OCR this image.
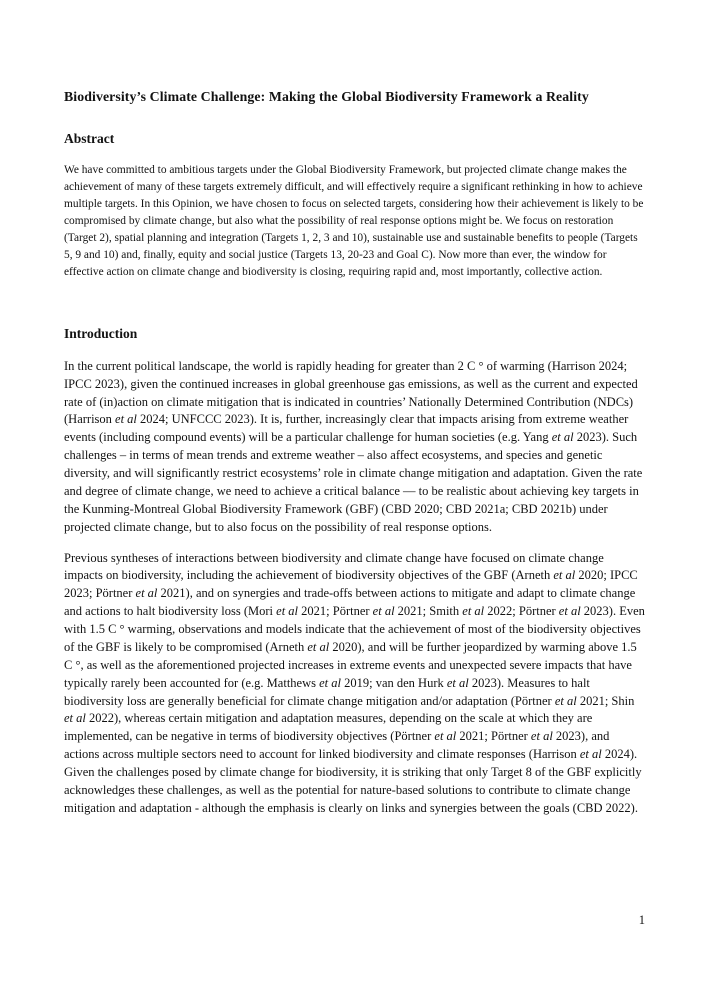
Biodiversity’s Climate Challenge: Making the Global Biodiversity Framework a Reality
Abstract

We have committed to ambitious targets under the Global Biodiversity Framework, but projected climate change makes the achievement of many of these targets extremely difficult, and will effectively require a significant rethinking in how to achieve multiple targets. In this Opinion, we have chosen to focus on selected targets, considering how their achievement is likely to be compromised by climate change, but also what the possibility of real response options might be. We focus on restoration (Target 2), spatial planning and integration (Targets 1, 2, 3 and 10), sustainable use and sustainable benefits to people (Targets 5, 9 and 10) and, finally, equity and social justice (Targets 13, 20-23 and Goal C). Now more than ever, the window for effective action on climate change and biodiversity is closing, requiring rapid and, most importantly, collective action.

Introduction

In the current political landscape, the world is rapidly heading for greater than 2 C ° of warming (Harrison 2024; IPCC 2023), given the continued increases in global greenhouse gas emissions, as well as the current and expected rate of (in)action on climate mitigation that is indicated in countries’ Nationally Determined Contribution (NDCs) (Harrison et al 2024; UNFCCC 2023). It is, further, increasingly clear that impacts arising from extreme weather events (including compound events) will be a particular challenge for human societies (e.g. Yang et al 2023). Such challenges – in terms of mean trends and extreme weather – also affect ecosystems, and species and genetic diversity, and will significantly restrict ecosystems’ role in climate change mitigation and adaptation. Given the rate and degree of climate change, we need to achieve a critical balance — to be realistic about achieving key targets in the Kunming-Montreal Global Biodiversity Framework (GBF) (CBD 2020; CBD 2021a; CBD 2021b) under projected climate change, but to also focus on the possibility of real response options.

Previous syntheses of interactions between biodiversity and climate change have focused on climate change impacts on biodiversity, including the achievement of biodiversity objectives of the GBF (Arneth et al 2020; IPCC 2023; Pörtner et al 2021), and on synergies and trade-offs between actions to mitigate and adapt to climate change and actions to halt biodiversity loss (Mori et al 2021; Pörtner et al 2021; Smith et al 2022; Pörtner et al 2023). Even with 1.5 C ° warming, observations and models indicate that the achievement of most of the biodiversity objectives of the GBF is likely to be compromised (Arneth et al 2020), and will be further jeopardized by warming above 1.5 C °, as well as the aforementioned projected increases in extreme events and unexpected severe impacts that have typically rarely been accounted for (e.g. Matthews et al 2019; van den Hurk et al 2023). Measures to halt biodiversity loss are generally beneficial for climate change mitigation and/or adaptation (Pörtner et al 2021; Shin et al 2022), whereas certain mitigation and adaptation measures, depending on the scale at which they are implemented, can be negative in terms of biodiversity objectives (Pörtner et al 2021; Pörtner et al 2023), and actions across multiple sectors need to account for linked biodiversity and climate responses (Harrison et al 2024). Given the challenges posed by climate change for biodiversity, it is striking that only Target 8 of the GBF explicitly acknowledges these challenges, as well as the potential for nature-based solutions to contribute to climate change mitigation and adaptation - although the emphasis is clearly on links and synergies between the goals (CBD 2022).

1
